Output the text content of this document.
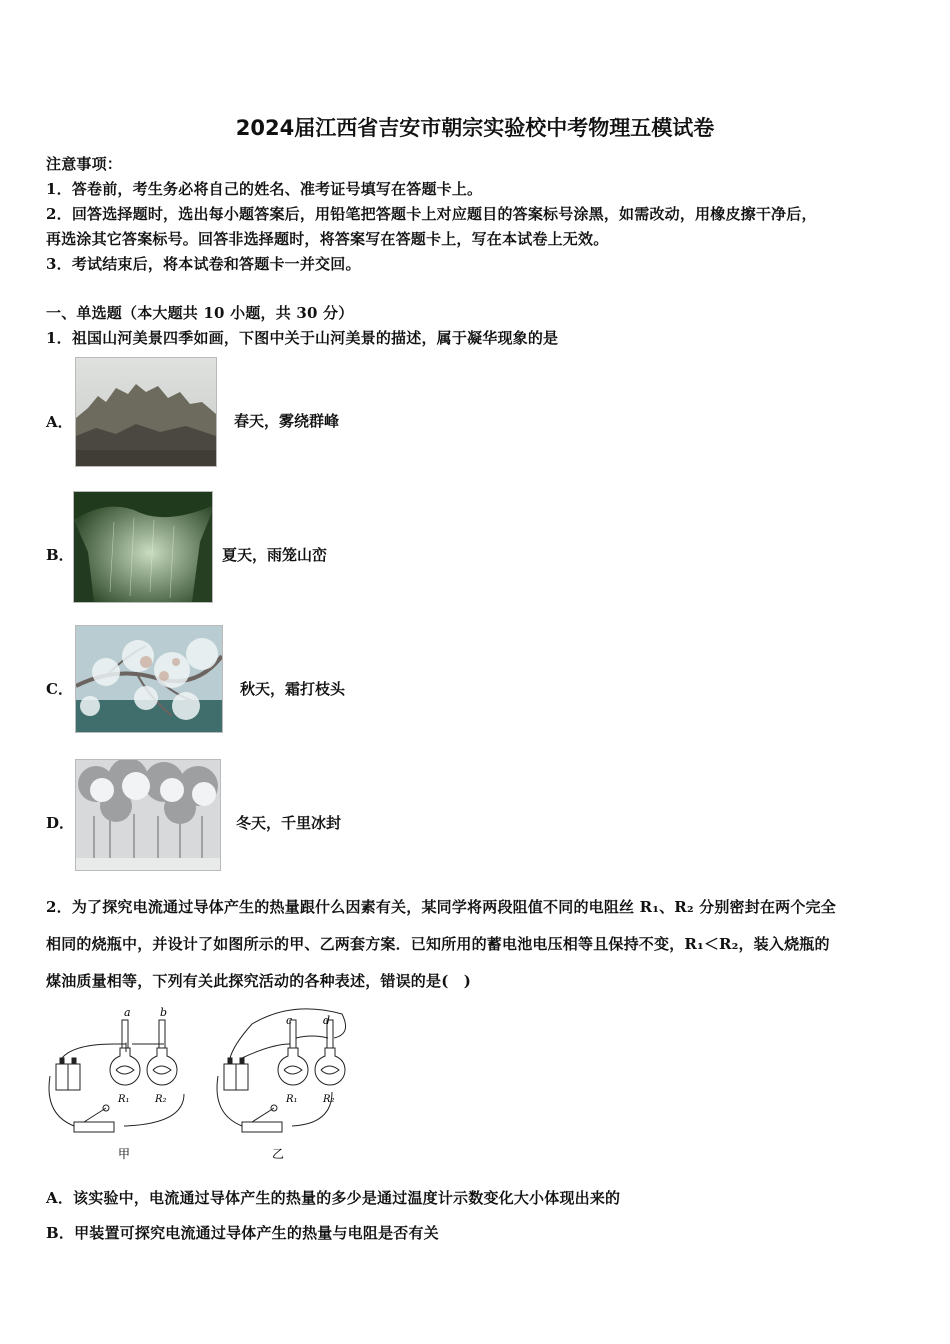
2024届江西省吉安市朝宗实验校中考物理五模试卷
注意事项：
1．答卷前，考生务必将自己的姓名、准考证号填写在答题卡上。
2．回答选择题时，选出每小题答案后，用铅笔把答题卡上对应题目的答案标号涂黑，如需改动，用橡皮擦干净后，
再选涂其它答案标号。回答非选择题时，将答案写在答题卡上，写在本试卷上无效。
3．考试结束后，将本试卷和答题卡一并交回。
一、单选题（本大题共 10 小题，共 30 分）
1．祖国山河美景四季如画，下图中关于山河美景的描述，属于凝华现象的是
A．	春天，雾绕群峰
B．	夏天，雨笼山峦
C．	秋天，霜打枝头
D．	冬天，千里冰封
2．为了探究电流通过导体产生的热量跟什么因素有关，某同学将两段阻值不同的电阻丝 R₁、R₂ 分别密封在两个完全
相同的烧瓶中，并设计了如图所示的甲、乙两套方案．已知所用的蓄电池电压相等且保持不变，R₁＜R₂，装入烧瓶的
煤油质量相等，下列有关此探究活动的各种表述，错误的是(　)
a	b
R₁	R₂
甲
c	d
R₁	R₂
乙
A．该实验中，电流通过导体产生的热量的多少是通过温度计示数变化大小体现出来的
B．甲装置可探究电流通过导体产生的热量与电阻是否有关
